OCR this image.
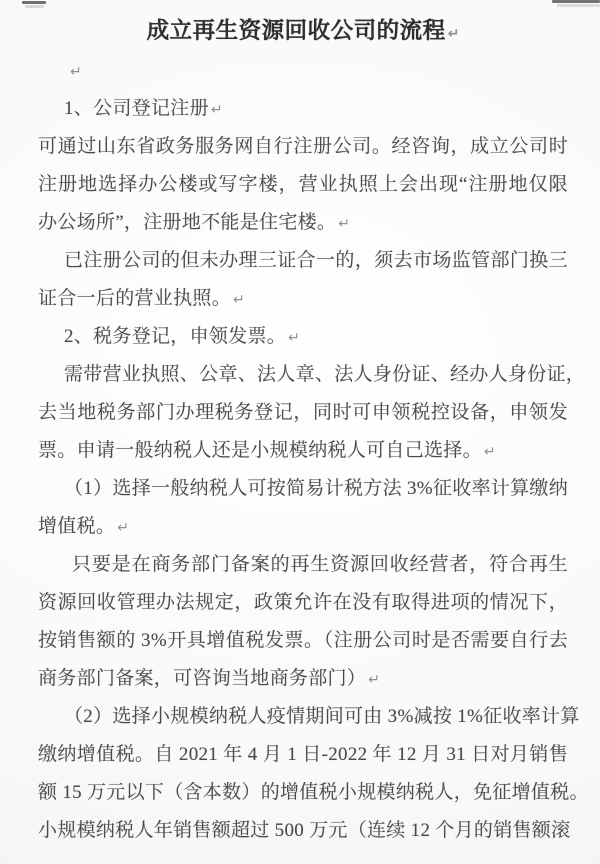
成立再生资源回收公司的流程 ↵
↵
1、公司登记注册 ↵
可通过山东省政务服务网自行注册公司。经咨询，成立公司时
注册地选择办公楼或写字楼，营业执照上会出现“注册地仅限
办公场所”，注册地不能是住宅楼。 ↵
已注册公司的但未办理三证合一的，须去市场监管部门换三
证合一后的营业执照。 ↵
2、税务登记，申领发票。 ↵
需带营业执照、公章、法人章、法人身份证、经办人身份证，
去当地税务部门办理税务登记，同时可申领税控设备，申领发
票。申请一般纳税人还是小规模纳税人可自己选择。 ↵
（1）选择一般纳税人可按简易计税方法 3%征收率计算缴纳
增值税。 ↵
只要是在商务部门备案的再生资源回收经营者，符合再生
资源回收管理办法规定，政策允许在没有取得进项的情况下，
按销售额的 3%开具增值税发票。（注册公司时是否需要自行去
商务部门备案，可咨询当地商务部门） ↵
（2）选择小规模纳税人疫情期间可由 3%减按 1%征收率计算
缴纳增值税。自 2021 年 4 月 1 日-2022 年 12 月 31 日对月销售
额 15 万元以下（含本数）的增值税小规模纳税人，免征增值税。
小规模纳税人年销售额超过 500 万元（连续 12 个月的销售额滚
